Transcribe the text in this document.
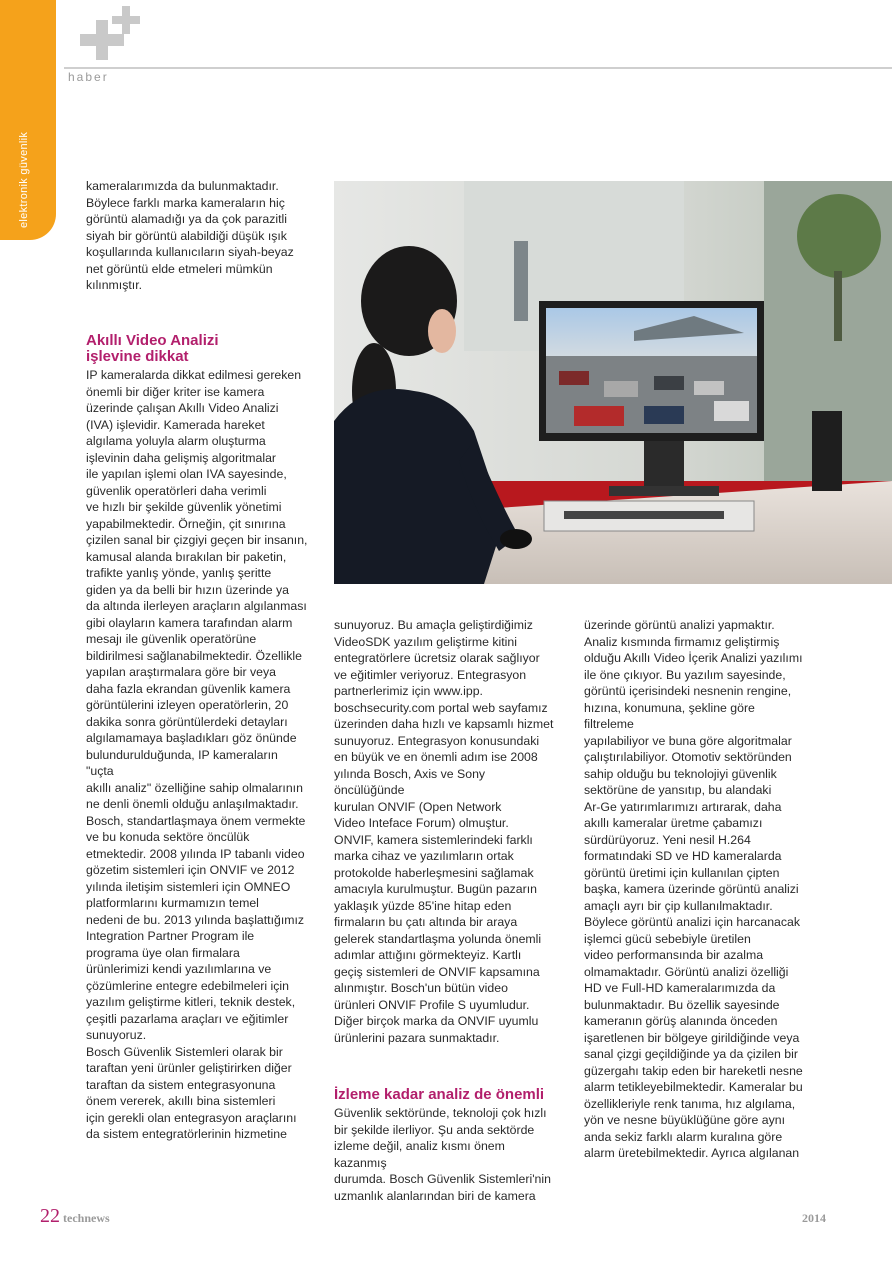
elektronik güvenlik
haber

kameralarımızda da bulunmaktadır.
Böylece farklı marka kameraların hiç
görüntü alamadığı ya da çok parazitli
siyah bir görüntü alabildiği düşük ışık
koşullarında kullanıcıların siyah-beyaz
net görüntü elde etmeleri mümkün
kılınmıştır.

Akıllı Video Analizi
işlevine dikkat

IP kameralarda dikkat edilmesi gereken
önemli bir diğer kriter ise kamera
üzerinde çalışan Akıllı Video Analizi
(IVA) işlevidir. Kamerada hareket
algılama yoluyla alarm oluşturma
işlevinin daha gelişmiş algoritmalar
ile yapılan işlemi olan IVA sayesinde,
güvenlik operatörleri daha verimli
ve hızlı bir şekilde güvenlik yönetimi
yapabilmektedir. Örneğin, çit sınırına
çizilen sanal bir çizgiyi geçen bir insanın,
kamusal alanda bırakılan bir paketin,
trafikte yanlış yönde, yanlış şeritte
giden ya da belli bir hızın üzerinde ya
da altında ilerleyen araçların algılanması
gibi olayların kamera tarafından alarm
mesajı ile güvenlik operatörüne
bildirilmesi sağlanabilmektedir. Özellikle
yapılan araştırmalara göre bir veya
daha fazla ekrandan güvenlik kamera
görüntülerini izleyen operatörlerin, 20
dakika sonra görüntülerdeki detayları
algılamamaya başladıkları göz önünde
bulundurulduğunda, IP kameraların "uçta
akıllı analiz" özelliğine sahip olmalarının
ne denli önemli olduğu anlaşılmaktadır.
Bosch, standartlaşmaya önem vermekte
ve bu konuda sektöre öncülük
etmektedir. 2008 yılında IP tabanlı video
gözetim sistemleri için ONVIF ve 2012
yılında iletişim sistemleri için OMNEO
platformlarını kurmamızın temel
nedeni de bu. 2013 yılında başlattığımız
Integration Partner Program ile
programa üye olan firmalara
ürünlerimizi kendi yazılımlarına ve
çözümlerine entegre edebilmeleri için
yazılım geliştirme kitleri, teknik destek,
çeşitli pazarlama araçları ve eğitimler
sunuyoruz.
Bosch Güvenlik Sistemleri olarak bir
taraftan yeni ürünler geliştirirken diğer
taraftan da sistem entegrasyonuna
önem vererek, akıllı bina sistemleri
için gerekli olan entegrasyon araçlarını
da sistem entegratörlerinin hizmetine

sunuyoruz. Bu amaçla geliştirdiğimiz
VideoSDK yazılım geliştirme kitini
entegratörlere ücretsiz olarak sağlıyor
ve eğitimler veriyoruz. Entegrasyon
partnerlerimiz için www.ipp.
boschsecurity.com portal web sayfamız
üzerinden daha hızlı ve kapsamlı hizmet
sunuyoruz. Entegrasyon konusundaki
en büyük ve en önemli adım ise 2008
yılında Bosch, Axis ve Sony öncülüğünde
kurulan ONVIF (Open Network
Video Inteface Forum) olmuştur.
ONVIF, kamera sistemlerindeki farklı
marka cihaz ve yazılımların ortak
protokolde haberleşmesini sağlamak
amacıyla kurulmuştur. Bugün pazarın
yaklaşık yüzde 85'ine hitap eden
firmaların bu çatı altında bir araya
gelerek standartlaşma yolunda önemli
adımlar attığını görmekteyiz. Kartlı
geçiş sistemleri de ONVIF kapsamına
alınmıştır. Bosch'un bütün video
ürünleri ONVIF Profile S uyumludur.
Diğer birçok marka da ONVIF uyumlu
ürünlerini pazara sunmaktadır.

İzleme kadar analiz de önemli

Güvenlik sektöründe, teknoloji çok hızlı
bir şekilde ilerliyor. Şu anda sektörde
izleme değil, analiz kısmı önem kazanmış
durumda. Bosch Güvenlik Sistemleri'nin
uzmanlık alanlarından biri de kamera

üzerinde görüntü analizi yapmaktır.
Analiz kısmında firmamız geliştirmiş
olduğu Akıllı Video İçerik Analizi yazılımı
ile öne çıkıyor. Bu yazılım sayesinde,
görüntü içerisindeki nesnenin rengine,
hızına, konumuna, şekline göre filtreleme
yapılabiliyor ve buna göre algoritmalar
çalıştırılabiliyor. Otomotiv sektöründen
sahip olduğu bu teknolojiyi güvenlik
sektörüne de yansıtıp, bu alandaki
Ar-Ge yatırımlarımızı artırarak, daha
akıllı kameralar üretme çabamızı
sürdürüyoruz. Yeni nesil H.264
formatındaki SD ve HD kameralarda
görüntü üretimi için kullanılan çipten
başka, kamera üzerinde görüntü analizi
amaçlı ayrı bir çip kullanılmaktadır.
Böylece görüntü analizi için harcanacak
işlemci gücü sebebiyle üretilen
video performansında bir azalma
olmamaktadır. Görüntü analizi özelliği
HD ve Full-HD kameralarımızda da
bulunmaktadır. Bu özellik sayesinde
kameranın görüş alanında önceden
işaretlenen bir bölgeye girildiğinde veya
sanal çizgi geçildiğinde ya da çizilen bir
güzergahı takip eden bir hareketli nesne
alarm tetikleyebilmektedir. Kameralar bu
özellikleriyle renk tanıma, hız algılama,
yön ve nesne büyüklüğüne göre aynı
anda sekiz farklı alarm kuralına göre
alarm üretebilmektedir. Ayrıca algılanan

22 technews	2014
